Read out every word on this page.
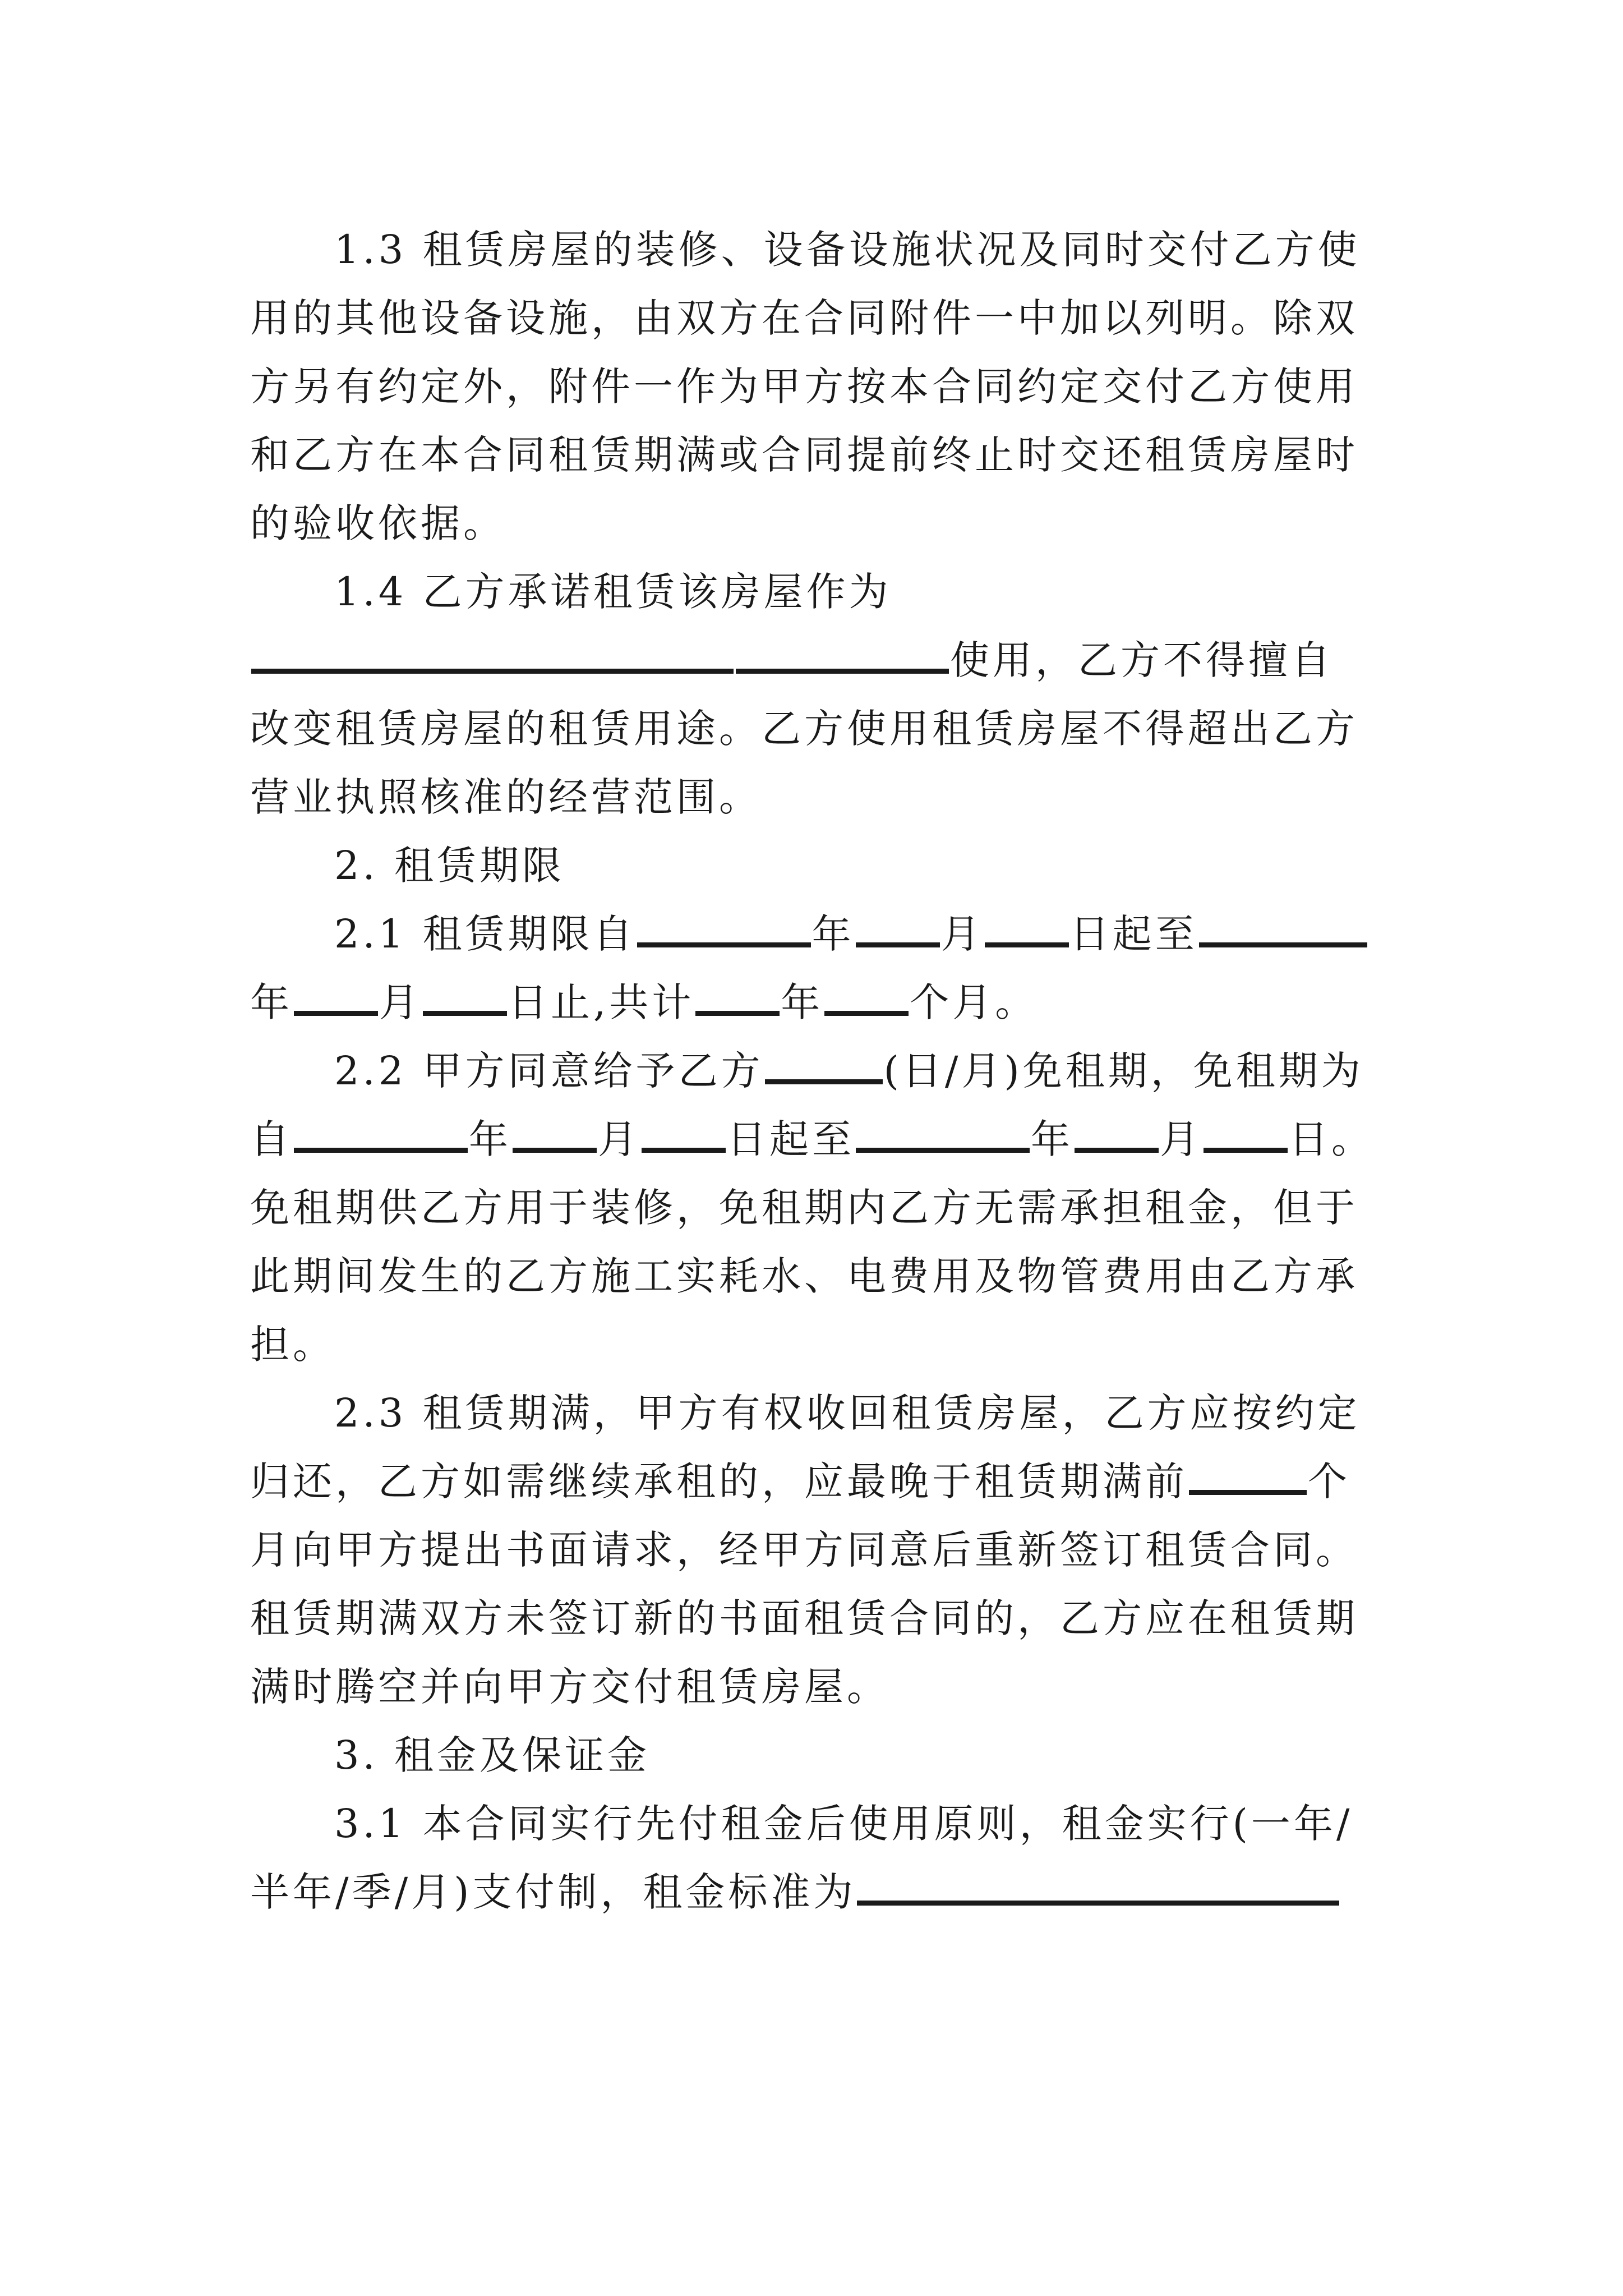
1.3 租赁房屋的装修、设备设施状况及同时交付乙方使用的其他设备设施，由双方在合同附件一中加以列明。除双方另有约定外，附件一作为甲方按本合同约定交付乙方使用和乙方在本合同租赁期满或合同提前终止时交还租赁房屋时的验收依据。

1.4 乙方承诺租赁该房屋作为使用，乙方不得擅自改变租赁房屋的租赁用途。乙方使用租赁房屋不得超出乙方营业执照核准的经营范围。

2. 租赁期限

2.1 租赁期限自	年 月 日起至年 月 日止,共计 年 个月。

2.2 甲方同意给予乙方	(日/月)免租期，免租期为自	年 月 日起至	年 月 日。免租期供乙方用于装修，免租期内乙方无需承担租金，但于此期间发生的乙方施工实耗水、电费用及物管费用由乙方承担。

2.3 租赁期满，甲方有权收回租赁房屋，乙方应按约定归还，乙方如需继续承租的，应最晚于租赁期满前	个月向甲方提出书面请求，经甲方同意后重新签订租赁合同。租赁期满双方未签订新的书面租赁合同的，乙方应在租赁期满时腾空并向甲方交付租赁房屋。

3. 租金及保证金

3.1 本合同实行先付租金后使用原则，租金实行(一年/半年/季/月)支付制，租金标准为
